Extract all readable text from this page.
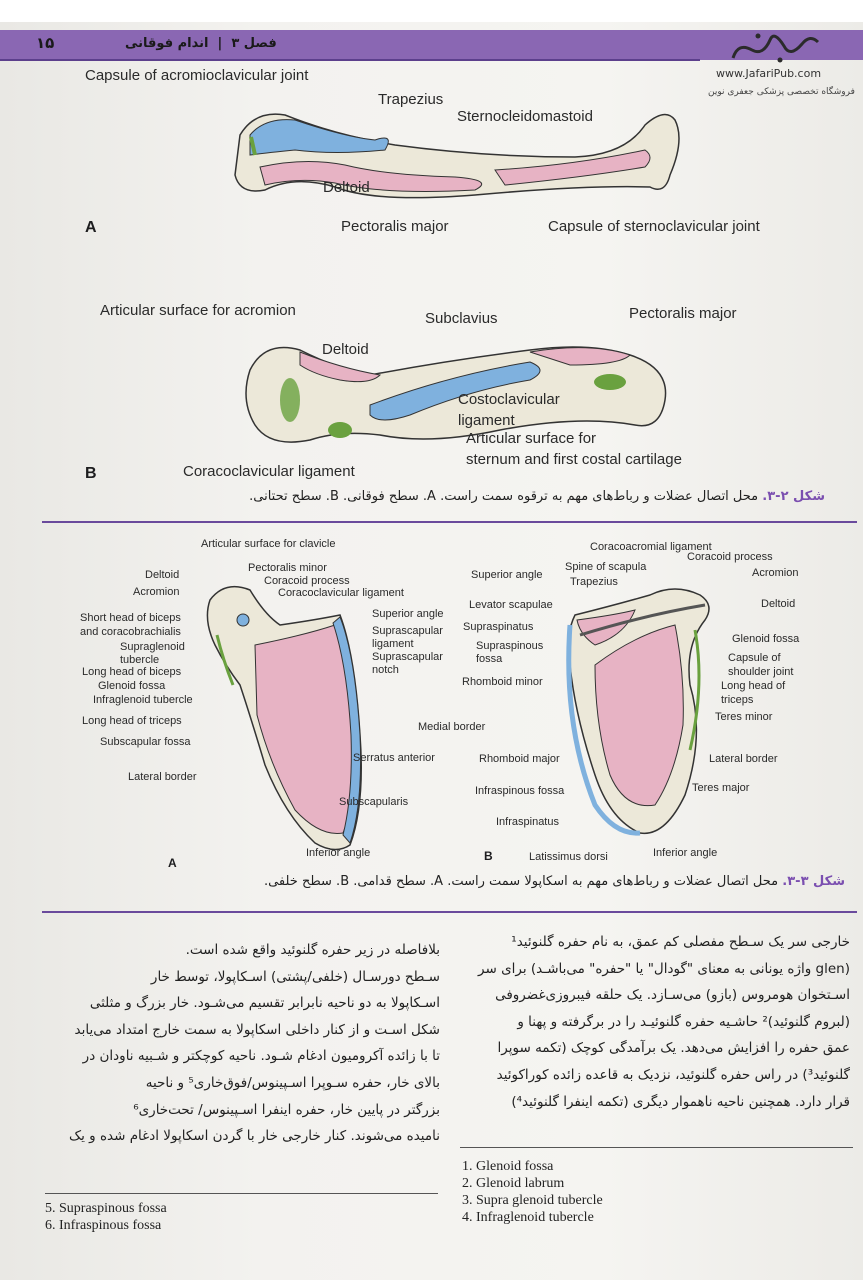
۱۵	فصل ۳  |  اندام فوقانی
www.JafariPub.com
فروشگاه تخصصی پزشکی جعفری نوین
Capsule of acromioclavicular joint
Trapezius
Sternocleidomastoid
Deltoid
Pectoralis major	Capsule of sternoclavicular joint
A
Articular surface for acromion	Subclavius	Pectoralis major
Deltoid
Costoclavicular
ligament
Articular surface for
sternum and first costal cartilage
Coracoclavicular ligament
B
شکل ۲-۳. محل اتصال عضلات و رباط‌های مهم به ترقوه سمت راست. A. سطح فوقانی. B. سطح تحتانی.
Articular surface for clavicle
Deltoid
Acromion
Pectoralis minor
Coracoid process
Coracoclavicular ligament
Short head of biceps
and coracobrachialis
Supraglenoid
tubercle
Long head of biceps
Glenoid fossa
Infraglenoid tubercle
Long head of triceps
Subscapular fossa
Lateral border
Superior angle
Suprascapular
ligament
Suprascapular
notch
Medial border
Serratus anterior
Subscapularis
Inferior angle
A
Coracoacromial ligament
Spine of scapula
Coracoid process
Superior angle
Trapezius
Acromion
Levator scapulae	Deltoid
Supraspinatus
Supraspinous
fossa
Glenoid fossa
Capsule of
shoulder joint
Rhomboid minor	Long head of
triceps
Teres minor
Rhomboid major	Lateral border
Infraspinous fossa	Teres major
Infraspinatus
Latissimus dorsi	Inferior angle
B
شکل ۳-۳. محل اتصال عضلات و رباط‌های مهم به اسکاپولا سمت راست. A. سطح قدامی. B. سطح خلفی.
خارجی سر یک سـطح مفصلی کم عمق، به نام حفره گلنوئید¹
(glen واژه یونانی به معنای "گودال" یا "حفره" می‌باشـد) برای سر
اسـتخوان هومروس (بازو) می‌سـازد. یک حلقه فیبروزی‌غضروفی
(لبروم گلنوئید)² حاشـیه حفره گلنوئیـد را در برگرفته و پهنا و
عمق حفره را افزایش می‌دهد. یک برآمدگی کوچک (تکمه سوپرا
گلنوئید³) در راس حفره گلنوئید، نزدیک به قاعده زائده کوراکوئید
قرار دارد. همچنین ناحیه ناهموار دیگری (تکمه اینفرا گلنوئید⁴)
بلافاصله در زیر حفره گلنوئید واقع شده است.
سـطح دورسـال (خلفی/پشتی) اسـکاپولا، توسط خار
اسـکاپولا به دو ناحیه نابرابر تقسیم می‌شـود. خار بزرگ و مثلثی
شکل اسـت و از کنار داخلی اسکاپولا به سمت خارج امتداد می‌یابد
تا با زائده آکرومیون ادغام شـود. ناحیه کوچکتر و شـبیه ناودان در
بالای خار، حفره سـوپرا اسـپینوس/فوق‌خاری⁵ و ناحیه
بزرگتر در پایین خار، حفره اینفرا اسـپینوس/ تحت‌خاری⁶
نامیده می‌شوند. کنار خارجی خار با گردن اسکاپولا ادغام شده و یک
1. Glenoid fossa
2. Glenoid labrum
3. Supra glenoid tubercle
4. Infraglenoid tubercle
5. Supraspinous fossa
6. Infraspinous fossa
